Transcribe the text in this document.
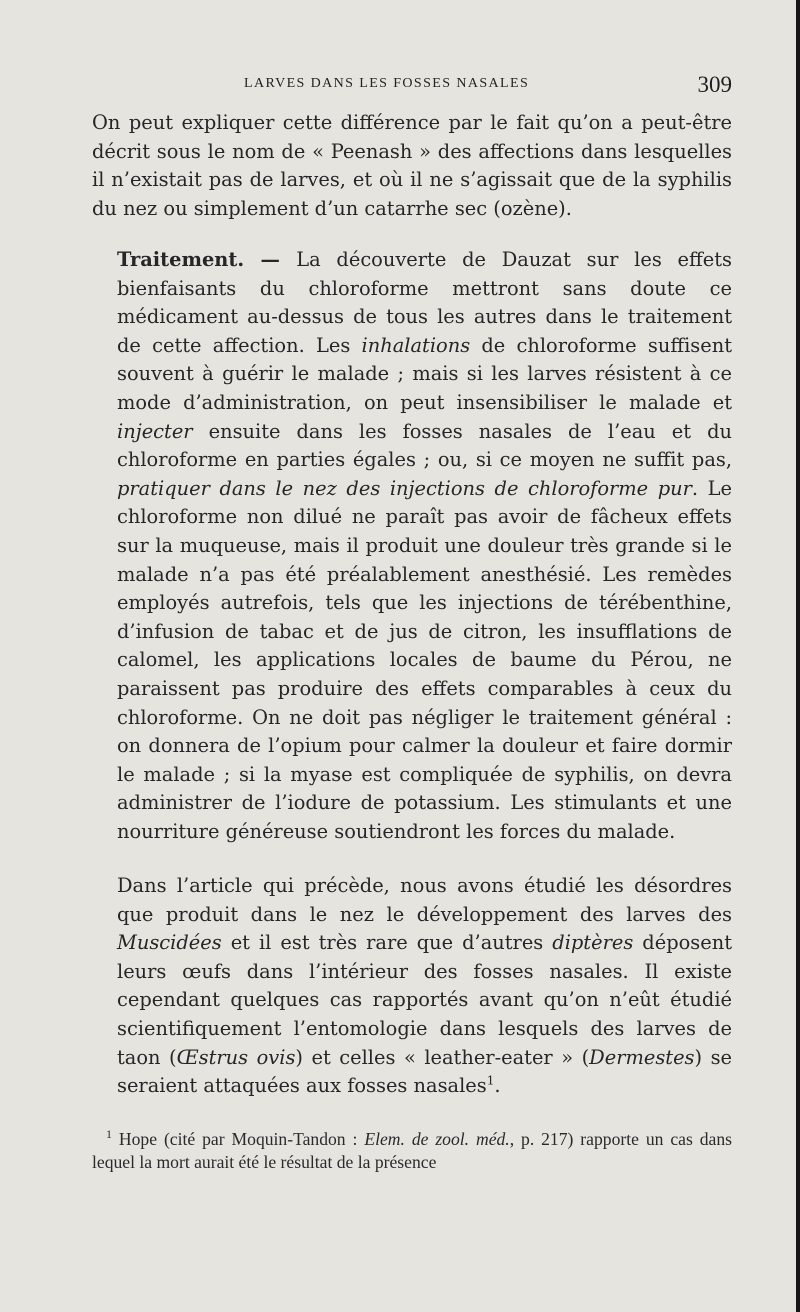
LARVES DANS LES FOSSES NASALES	309

On peut expliquer cette différence par le fait qu’on a peut-être décrit sous le nom de « Peenash » des affections dans lesquelles il n’existait pas de larves, et où il ne s’agissait que de la syphilis du nez ou simplement d’un catarrhe sec (ozène).

Traitement. — La découverte de Dauzat sur les effets bienfaisants du chloroforme mettront sans doute ce médicament au-dessus de tous les autres dans le traitement de cette affection. Les inhalations de chloroforme suffisent souvent à guérir le malade ; mais si les larves résistent à ce mode d’administration, on peut insensibiliser le malade et injecter ensuite dans les fosses nasales de l’eau et du chloroforme en parties égales ; ou, si ce moyen ne suffit pas, pratiquer dans le nez des injections de chloroforme pur. Le chloroforme non dilué ne paraît pas avoir de fâcheux effets sur la muqueuse, mais il produit une douleur très grande si le malade n’a pas été préalablement anesthésié. Les remèdes employés autrefois, tels que les injections de térébenthine, d’infusion de tabac et de jus de citron, les insufflations de calomel, les applications locales de baume du Pérou, ne paraissent pas produire des effets comparables à ceux du chloroforme. On ne doit pas négliger le traitement général : on donnera de l’opium pour calmer la douleur et faire dormir le malade ; si la myase est compliquée de syphilis, on devra administrer de l’iodure de potassium. Les stimulants et une nourriture généreuse soutiendront les forces du malade.

Dans l’article qui précède, nous avons étudié les désordres que produit dans le nez le développement des larves des Muscidées et il est très rare que d’autres diptères déposent leurs œufs dans l’intérieur des fosses nasales. Il existe cependant quelques cas rapportés avant qu’on n’eût étudié scientifiquement l’entomologie dans lesquels des larves de taon (Œstrus ovis) et celles « leather-eater » (Dermestes) se seraient attaquées aux fosses nasales$^1$.

$^1$ Hope (cité par Moquin-Tandon : Elem. de zool. méd., p. 217) rapporte un cas dans lequel la mort aurait été le résultat de la présence
